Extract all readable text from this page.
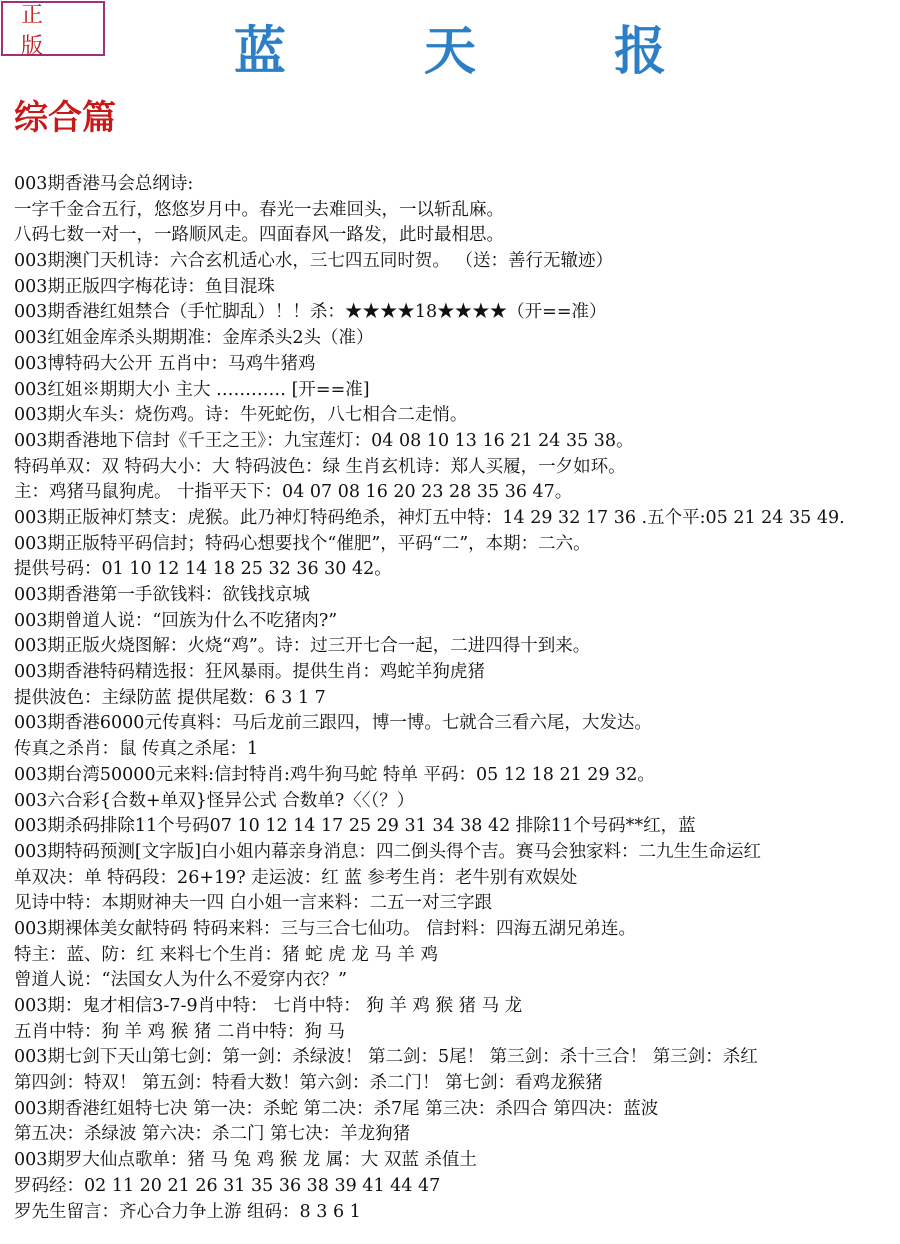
正 版	蓝 天 报
综合篇
003期香港马会总纲诗:
一字千金合五行，悠悠岁月中。春光一去难回头，一以斩乱麻。
八码七数一对一，一路顺风走。四面春风一路发，此时最相思。
003期澳门天机诗：六合玄机适心水，三七四五同时贺。 （送：善行无辙迹）
003期正版四字梅花诗：鱼目混珠
003期香港红姐禁合（手忙脚乱）！！杀：★★★★18★★★★（开==准）
003红姐金库杀头期期准：金库杀头2头（准）
003博特码大公开 五肖中：马鸡牛猪鸡
003红姐※期期大小 主大 ………… [开==准]
003期火车头：烧伤鸡。诗：牛死蛇伤，八七相合二走悄。
003期香港地下信封《千王之王》：九宝莲灯：04 08 10 13 16 21 24 35 38。
特码单双：双 特码大小：大 特码波色：绿 生肖玄机诗：郑人买履，一夕如环。
主：鸡猪马鼠狗虎。 十指平天下：04 07 08 16 20 23 28 35 36 47。
003期正版神灯禁支：虎猴。此乃神灯特码绝杀，神灯五中特：14 29 32 17 36 .五个平:05 21 24 35 49.
003期正版特平码信封；特码心想要找个“催肥”，平码“二”，本期：二六。
提供号码：01 10 12 14 18 25 32 36 30 42。
003期香港第一手欲钱料：欲钱找京城
003期曾道人说：“回族为什么不吃猪肉?”
003期正版火烧图解：火烧“鸡”。诗：过三开七合一起，二进四得十到来。
003期香港特码精选报：狂风暴雨。提供生肖：鸡蛇羊狗虎猪
提供波色：主绿防蓝 提供尾数：6 3 1 7
003期香港6000元传真料：马后龙前三跟四，博一博。七就合三看六尾，大发达。
传真之杀肖：鼠 传真之杀尾：1
003期台湾50000元来料:信封特肖:鸡牛狗马蛇 特单 平码：05 12 18 21 29 32。
003六合彩{合数+单双}怪异公式 合数单?〈〈（？）
003期杀码排除11个号码07 10 12 14 17 25 29 31 34 38 42 排除11个号码**红，蓝
003期特码预测[文字版]白小姐内幕亲身消息：四二倒头得个吉。赛马会独家料：二九生生命运红
单双决：单 特码段：26+19? 走运波：红 蓝 参考生肖：老牛别有欢娱处
见诗中特：本期财神夫一四 白小姐一言来料：二五一对三字跟
003期裸体美女献特码 特码来料：三与三合七仙功。 信封料：四海五湖兄弟连。
特主：蓝、防：红 来料七个生肖：猪 蛇 虎 龙 马 羊 鸡
曾道人说：“法国女人为什么不爱穿内衣？”
003期：鬼才相信3-7-9肖中特： 七肖中特： 狗 羊 鸡 猴 猪 马 龙
五肖中特：狗 羊 鸡 猴 猪 二肖中特：狗 马
003期七剑下天山第七剑：第一剑：杀绿波！ 第二剑：5尾！ 第三剑：杀十三合！ 第三剑：杀红
第四剑：特双！ 第五剑：特看大数！第六剑：杀二门！ 第七剑：看鸡龙猴猪
003期香港红姐特七决 第一决：杀蛇 第二决：杀7尾 第三决：杀四合 第四决：蓝波
第五决：杀绿波 第六决：杀二门 第七决：羊龙狗猪
003期罗大仙点歌单：猪 马 兔 鸡 猴 龙 属：大 双蓝 杀值土
罗码经：02 11 20 21 26 31 35 36 38 39 41 44 47
罗先生留言：齐心合力争上游 组码：8 3 6 1
